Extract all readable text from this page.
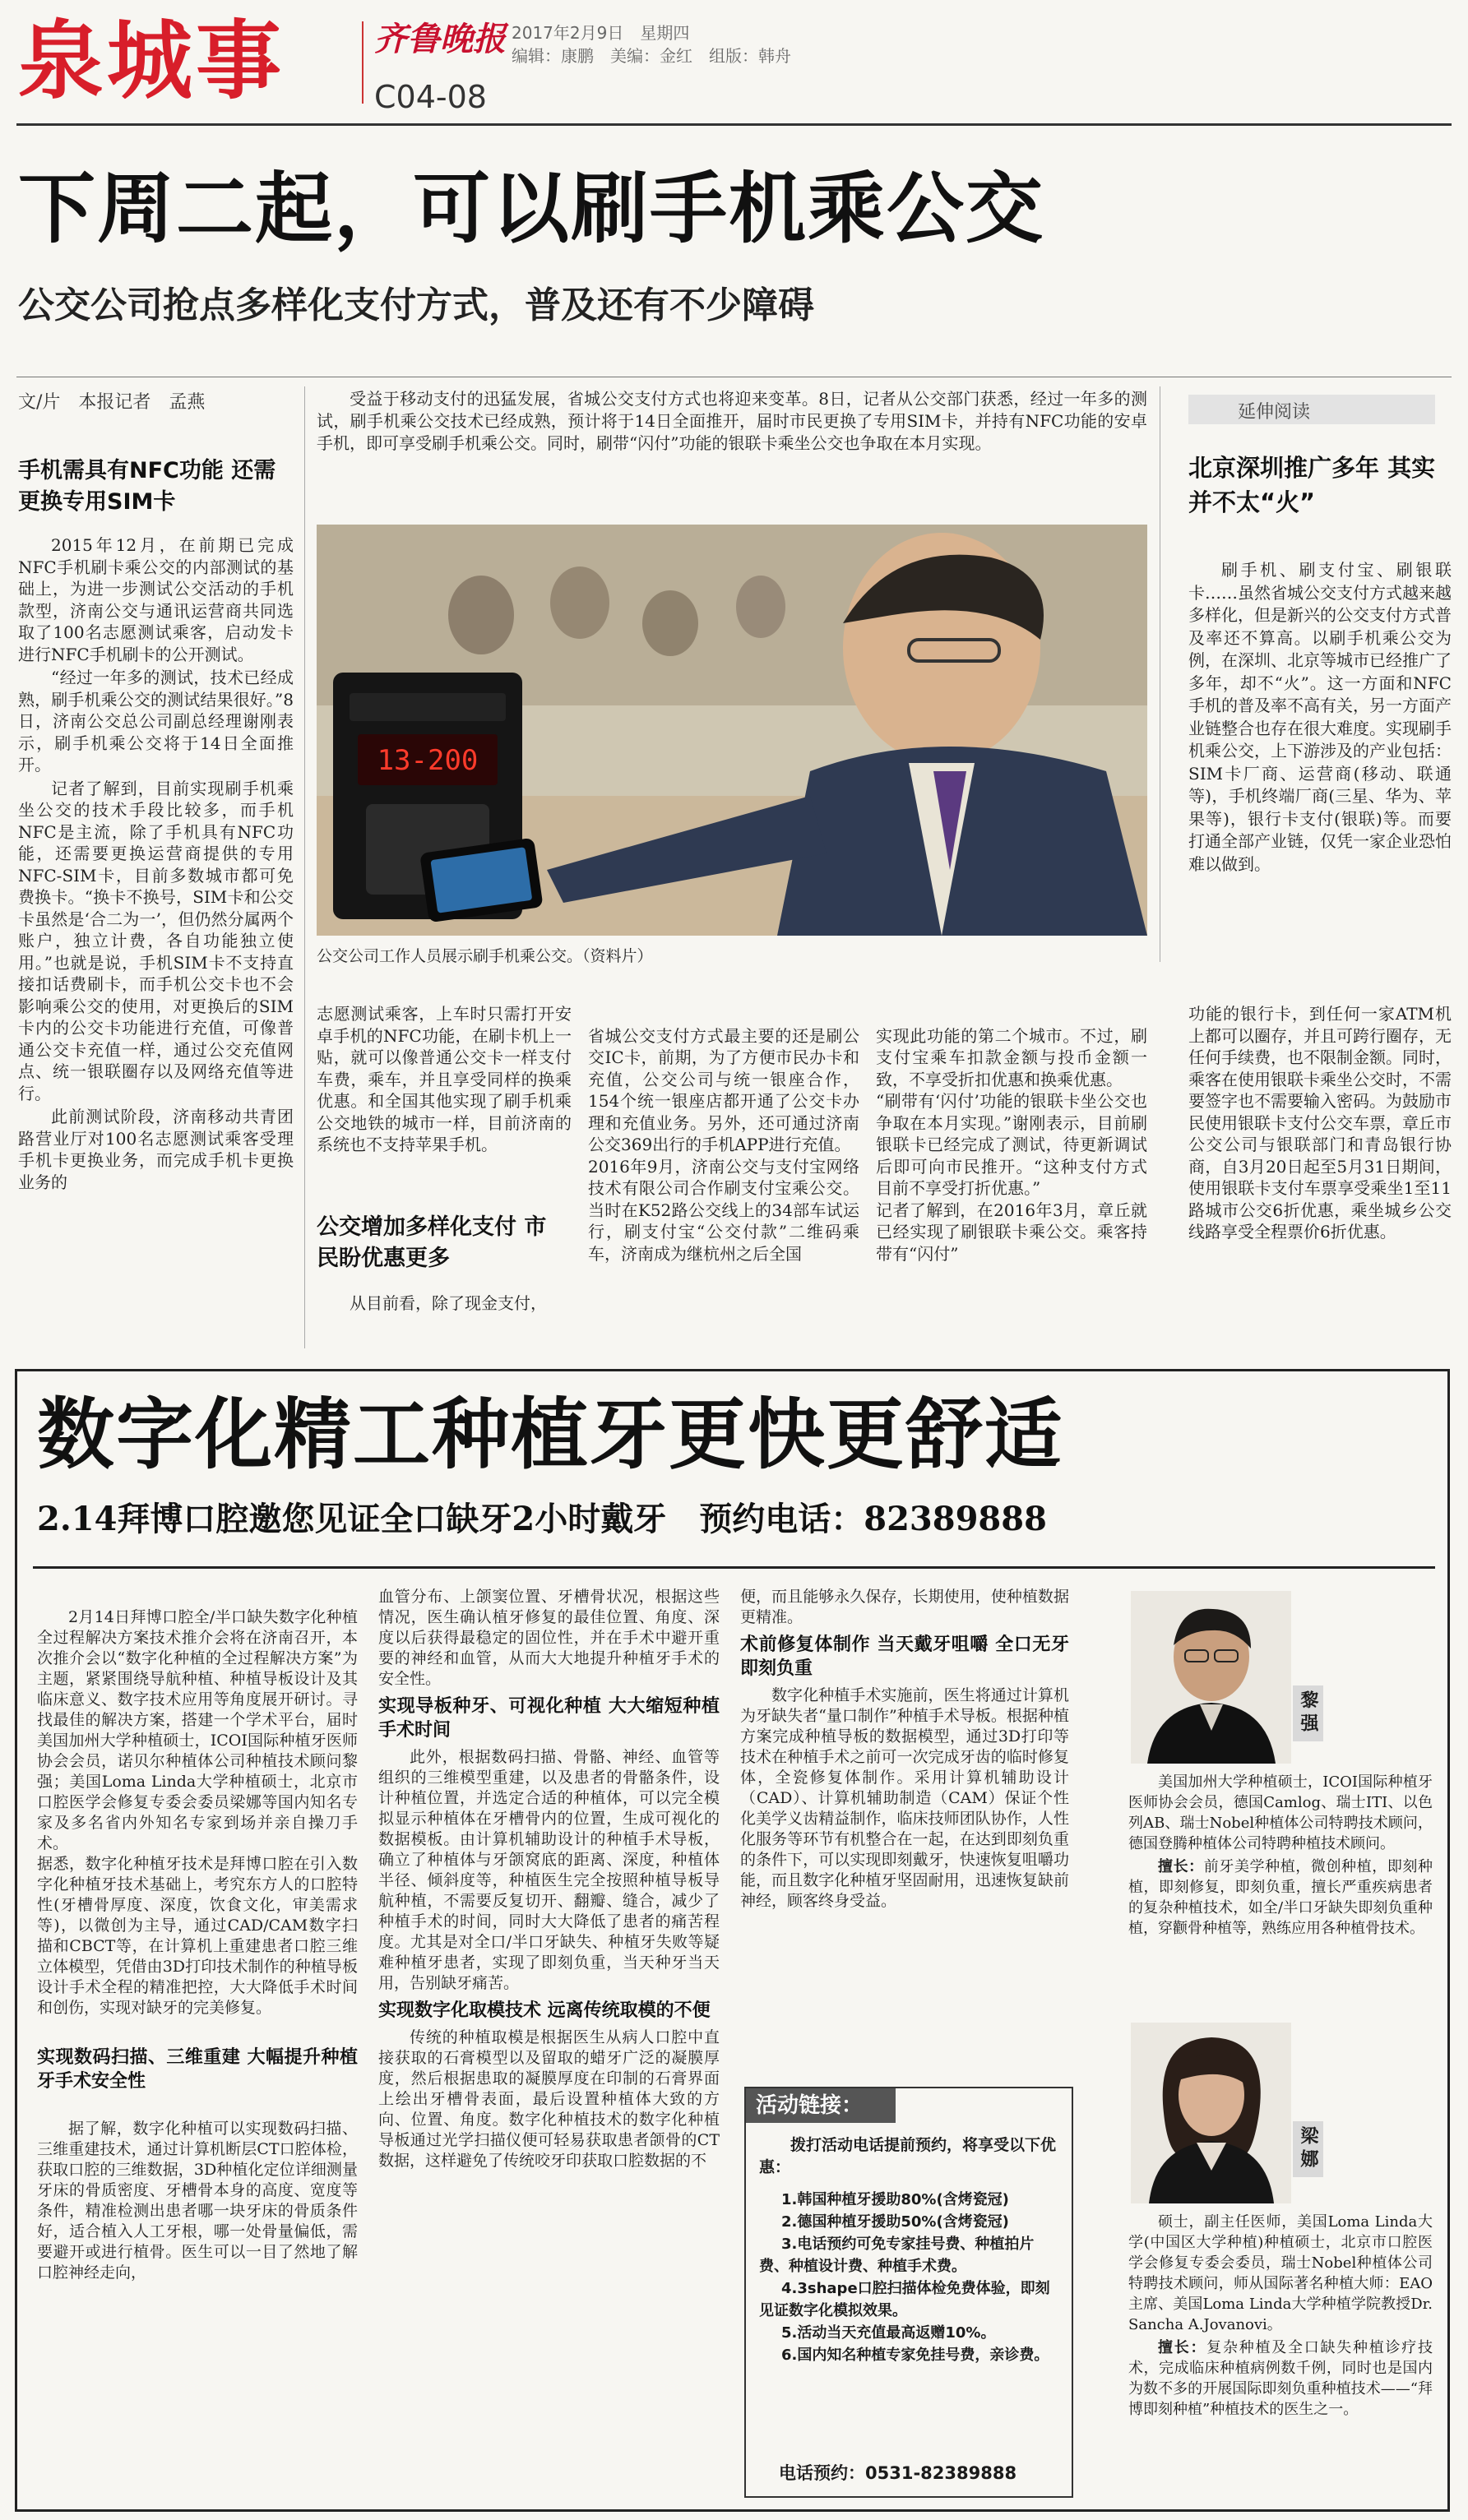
泉城事	齐鲁晚报 2017年2月9日　星期四
编辑：康鹏　美编：金红　组版：韩舟
C04-08
下周二起，可以刷手机乘公交
公交公司抢点多样化支付方式，普及还有不少障碍
文/片　本报记者　孟燕
手机需具有NFC功能 还需更换专用SIM卡

2015年12月，在前期已完成NFC手机刷卡乘公交的内部测试的基础上，为进一步测试公交活动的手机款型，济南公交与通讯运营商共同选取了100名志愿测试乘客，启动发卡进行NFC手机刷卡的公开测试。

“经过一年多的测试，技术已经成熟，刷手机乘公交的测试结果很好。”8日，济南公交总公司副总经理谢刚表示，刷手机乘公交将于14日全面推开。

记者了解到，目前实现刷手机乘坐公交的技术手段比较多，而手机NFC是主流，除了手机具有NFC功能，还需要更换运营商提供的专用NFC-SIM卡，目前多数城市都可免费换卡。“换卡不换号，SIM卡和公交卡虽然是‘合二为一’，但仍然分属两个账户，独立计费，各自功能独立使用。”也就是说，手机SIM卡不支持直接扣话费刷卡，而手机公交卡也不会影响乘公交的使用，对更换后的SIM卡内的公交卡功能进行充值，可像普通公交卡充值一样，通过公交充值网点、统一银联圈存以及网络充值等进行。

此前测试阶段，济南移动共青团路营业厅对100名志愿测试乘客受理手机卡更换业务，而完成手机卡更换业务的

受益于移动支付的迅猛发展，省城公交支付方式也将迎来变革。8日，记者从公交部门获悉，经过一年多的测试，刷手机乘公交技术已经成熟，预计将于14日全面推开，届时市民更换了专用SIM卡，并持有NFC功能的安卓手机，即可享受刷手机乘公交。同时，刷带“闪付”功能的银联卡乘坐公交也争取在本月实现。

13-200
公交公司工作人员展示刷手机乘公交。（资料片）
延伸阅读
北京深圳推广多年 其实并不太“火”

刷手机、刷支付宝、刷银联卡……虽然省城公交支付方式越来越多样化，但是新兴的公交支付方式普及率还不算高。以刷手机乘公交为例，在深圳、北京等城市已经推广了多年，却不“火”。这一方面和NFC手机的普及率不高有关，另一方面产业链整合也存在很大难度。实现刷手机乘公交，上下游涉及的产业包括：SIM卡厂商、运营商(移动、联通等)，手机终端厂商(三星、华为、苹果等)，银行卡支付(银联)等。而要打通全部产业链，仅凭一家企业恐怕难以做到。

志愿测试乘客，上车时只需打开安卓手机的NFC功能，在刷卡机上一贴，就可以像普通公交卡一样支付车费，乘车，并且享受同样的换乘优惠。和全国其他实现了刷手机乘公交地铁的城市一样，目前济南的系统也不支持苹果手机。

公交增加多样化支付 市民盼优惠更多

从目前看，除了现金支付，

省城公交支付方式最主要的还是刷公交IC卡，前期，为了方便市民办卡和充值，公交公司与统一银座合作，154个统一银座店都开通了公交卡办理和充值业务。另外，还可通过济南公交369出行的手机APP进行充值。
2016年9月，济南公交与支付宝网络技术有限公司合作刷支付宝乘公交。当时在K52路公交线上的34部车试运行，刷支付宝“公交付款”二维码乘车，济南成为继杭州之后全国

实现此功能的第二个城市。不过，刷支付宝乘车扣款金额与投币金额一致，不享受折扣优惠和换乘优惠。
“刷带有‘闪付’功能的银联卡坐公交也争取在本月实现。”谢刚表示，目前刷银联卡已经完成了测试，待更新调试后即可向市民推开。“这种支付方式目前不享受打折优惠。”
记者了解到，在2016年3月，章丘就已经实现了刷银联卡乘公交。乘客持带有“闪付”

功能的银行卡，到任何一家ATM机上都可以圈存，并且可跨行圈存，无任何手续费，也不限制金额。同时，乘客在使用银联卡乘坐公交时，不需要签字也不需要输入密码。为鼓励市民使用银联卡支付公交车票，章丘市公交公司与银联部门和青岛银行协商，自3月20日起至5月31日期间，使用银联卡支付车票享受乘坐1至11路城市公交6折优惠，乘坐城乡公交线路享受全程票价6折优惠。

数字化精工种植牙更快更舒适
2.14拜博口腔邀您见证全口缺牙2小时戴牙　预约电话：82389888

2月14日拜博口腔全/半口缺失数字化种植全过程解决方案技术推介会将在济南召开，本次推介会以“数字化种植的全过程解决方案”为主题，紧紧围绕导航种植、种植导板设计及其临床意义、数字技术应用等角度展开研讨。寻找最佳的解决方案，搭建一个学术平台，届时美国加州大学种植硕士，ICOI国际种植牙医师协会会员，诺贝尔种植体公司种植技术顾问黎强；美国Loma Linda大学种植硕士，北京市口腔医学会修复专委会委员梁娜等国内知名专家及多名省内外知名专家到场并亲自操刀手术。
据悉，数字化种植牙技术是拜博口腔在引入数字化种植牙技术基础上，考究东方人的口腔特性(牙槽骨厚度、深度，饮食文化，审美需求等)，以微创为主导，通过CAD/CAM数字扫描和CBCT等，在计算机上重建患者口腔三维立体模型，凭借由3D打印技术制作的种植导板设计手术全程的精准把控，大大降低手术时间和创伤，实现对缺牙的完美修复。

实现数码扫描、三维重建 大幅提升种植牙手术安全性

据了解，数字化种植可以实现数码扫描、三维重建技术，通过计算机断层CT口腔体检，获取口腔的三维数据，3D种植化定位详细测量牙床的骨质密度、牙槽骨本身的高度、宽度等条件，精准检测出患者哪一块牙床的骨质条件好，适合植入人工牙根，哪一处骨量偏低，需要避开或进行植骨。医生可以一目了然地了解口腔神经走向，

血管分布、上颌窦位置、牙槽骨状况，根据这些情况，医生确认植牙修复的最佳位置、角度、深度以后获得最稳定的固位性，并在手术中避开重要的神经和血管，从而大大地提升种植牙手术的安全性。

实现导板种牙、可视化种植 大大缩短种植手术时间

此外，根据数码扫描、骨骼、神经、血管等组织的三维模型重建，以及患者的骨骼条件，设计种植位置，并选定合适的种植体，可以完全模拟显示种植体在牙槽骨内的位置，生成可视化的数据模板。由计算机辅助设计的种植手术导板，确立了种植体与牙颌窝底的距离、深度，种植体半径、倾斜度等，种植医生完全按照种植导板导航种植，不需要反复切开、翻瓣、缝合，减少了种植手术的时间，同时大大降低了患者的痛苦程度。尤其是对全口/半口牙缺失、种植牙失败等疑难种植牙患者，实现了即刻负重，当天种牙当天用，告别缺牙痛苦。

实现数字化取模技术 远离传统取模的不便

传统的种植取模是根据医生从病人口腔中直接获取的石膏模型以及留取的蜡牙广泛的凝膜厚度，然后根据患取的凝膜厚度在印制的石膏界面上绘出牙槽骨表面，最后设置种植体大致的方向、位置、角度。数字化种植技术的数字化种植导板通过光学扫描仪便可轻易获取患者颌骨的CT数据，这样避免了传统咬牙印获取口腔数据的不

便，而且能够永久保存，长期使用，使种植数据更精准。

术前修复体制作 当天戴牙咀嚼 全口无牙即刻负重

数字化种植手术实施前，医生将通过计算机为牙缺失者“量口制作”种植手术导板。根据种植方案完成种植导板的数据模型，通过3D打印等技术在种植手术之前可一次完成牙齿的临时修复体，全瓷修复体制作。采用计算机辅助设计（CAD）、计算机辅助制造（CAM）保证个性化美学义齿精益制作，临床技师团队协作，人性化服务等环节有机整合在一起，在达到即刻负重的条件下，可以实现即刻戴牙，快速恢复咀嚼功能，而且数字化种植牙坚固耐用，迅速恢复缺前神经，顾客终身受益。

活动链接：
拨打活动电话提前预约，将享受以下优惠：
1.韩国种植牙援助80%(含烤瓷冠)
2.德国种植牙援助50%(含烤瓷冠)
3.电话预约可免专家挂号费、种植拍片费、种植设计费、种植手术费。
4.3shape口腔扫描体检免费体验，即刻见证数字化模拟效果。
5.活动当天充值最高返赠10%。
6.国内知名种植专家免挂号费，亲诊费。
电话预约：0531-82389888
黎强

美国加州大学种植硕士，ICOI国际种植牙医师协会会员，德国Camlog、瑞士ITI、以色列AB、瑞士Nobel种植体公司特聘技术顾问，德国登腾种植体公司特聘种植技术顾问。

擅长：前牙美学种植，微创种植，即刻种植，即刻修复，即刻负重，擅长严重疾病患者的复杂种植技术，如全/半口牙缺失即刻负重种植，穿颧骨种植等，熟练应用各种植骨技术。

梁娜

硕士，副主任医师，美国Loma Linda大学(中国区大学种植)种植硕士，北京市口腔医学会修复专委会委员，瑞士Nobel种植体公司特聘技术顾问，师从国际著名种植大师：EAO主席、美国Loma Linda大学种植学院教授Dr. Sancha A.Jovanovi。

擅长：复杂种植及全口缺失种植诊疗技术，完成临床种植病例数千例，同时也是国内为数不多的开展国际即刻负重种植技术——“拜博即刻种植”种植技术的医生之一。
